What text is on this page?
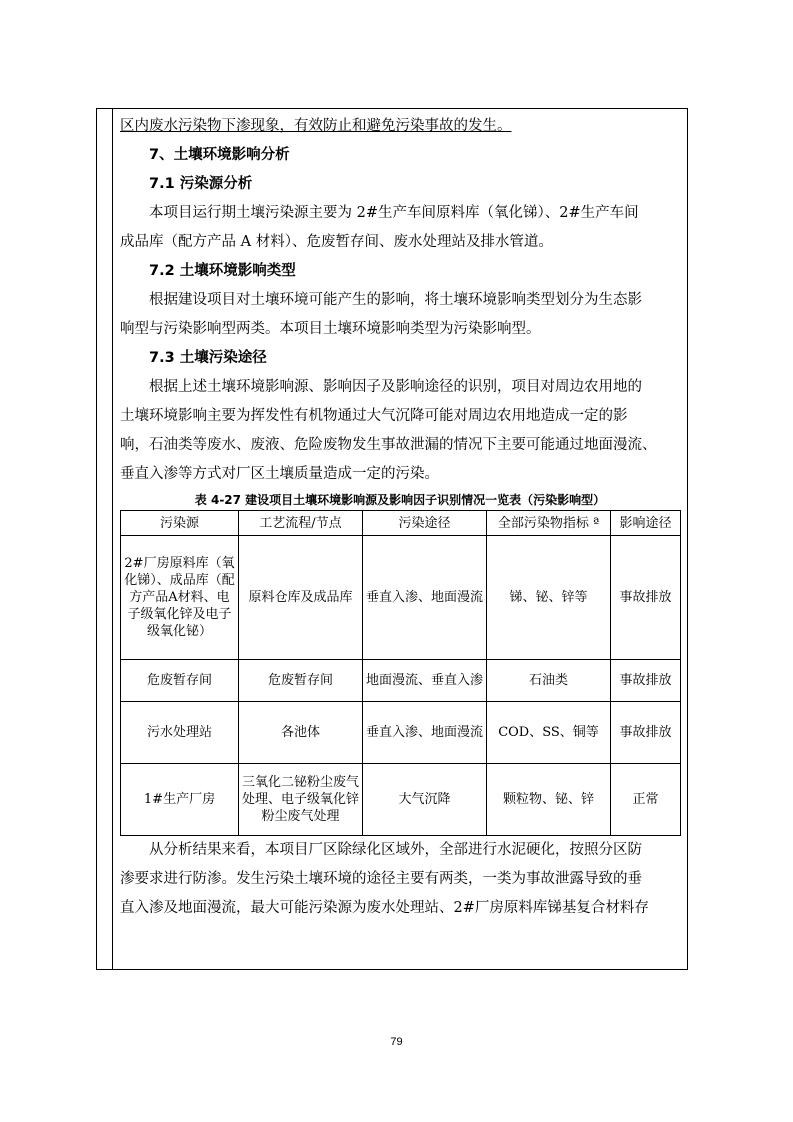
区内废水污染物下渗现象，有效防止和避免污染事故的发生。

7、土壤环境影响分析

7.1 污染源分析

本项目运行期土壤污染源主要为 2#生产车间原料库（氧化锑）、2#生产车间

成品库（配方产品 A 材料）、危废暂存间、废水处理站及排水管道。

7.2 土壤环境影响类型

根据建设项目对土壤环境可能产生的影响，将土壤环境影响类型划分为生态影

响型与污染影响型两类。本项目土壤环境影响类型为污染影响型。

7.3 土壤污染途径

根据上述土壤环境影响源、影响因子及影响途径的识别，项目对周边农用地的

土壤环境影响主要为挥发性有机物通过大气沉降可能对周边农用地造成一定的影

响，石油类等废水、废液、危险废物发生事故泄漏的情况下主要可能通过地面漫流、

垂直入渗等方式对厂区土壤质量造成一定的污染。

表 4-27 建设项目土壤环境影响源及影响因子识别情况一览表（污染影响型）
污染源	工艺流程/节点	污染途径	全部污染物指标 ª	影响途径
2#厂房原料库（氧化锑）、成品库（配方产品A材料、电子级氧化锌及电子级氧化铋）	原料仓库及成品库	垂直入渗、地面漫流	锑、铋、锌等	事故排放
危废暂存间	危废暂存间	地面漫流、垂直入渗	石油类	事故排放
污水处理站	各池体	垂直入渗、地面漫流	COD、SS、铜等	事故排放
1#生产厂房	三氧化二铋粉尘废气处理、电子级氧化锌粉尘废气处理	大气沉降	颗粒物、铋、锌	正常

从分析结果来看，本项目厂区除绿化区域外，全部进行水泥硬化，按照分区防

渗要求进行防渗。发生污染土壤环境的途径主要有两类，一类为事故泄露导致的垂

直入渗及地面漫流，最大可能污染源为废水处理站、2#厂房原料库锑基复合材料存

79
